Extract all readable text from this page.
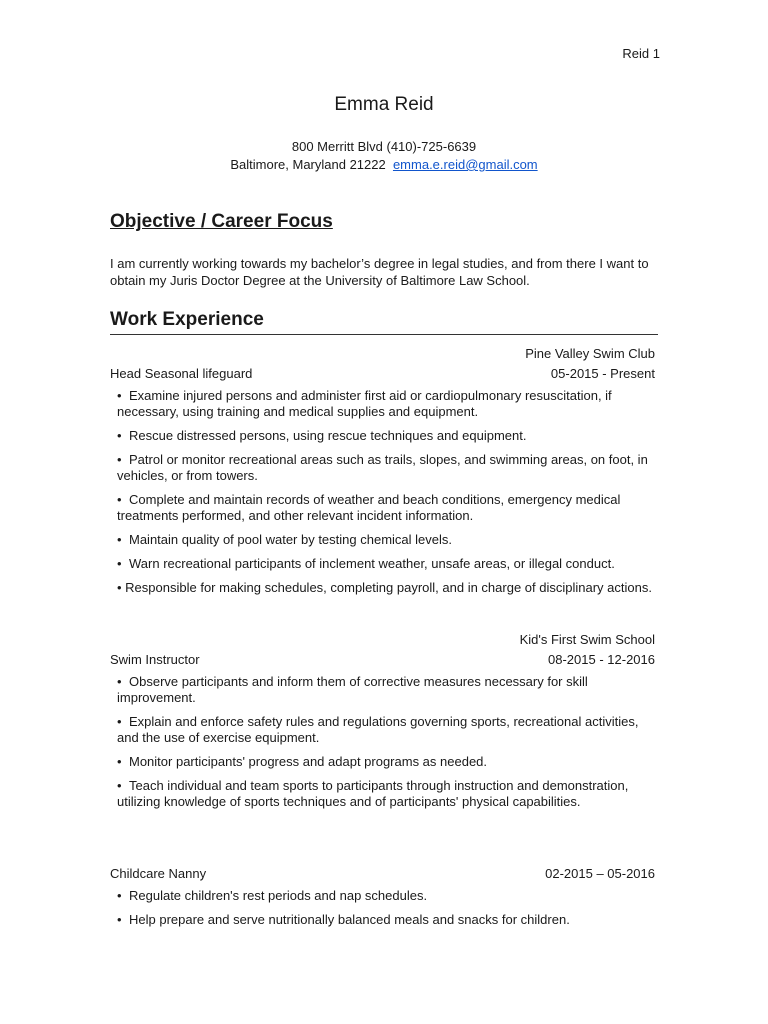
Reid 1
Emma Reid
800 Merritt Blvd (410)-725-6639
Baltimore, Maryland 21222 emma.e.reid@gmail.com
Objective / Career Focus

I am currently working towards my bachelor’s degree in legal studies, and from there I want to obtain my Juris Doctor Degree at the University of Baltimore Law School.

Work Experience
Pine Valley Swim Club
Head Seasonal lifeguard	05-2015 - Present
• Examine injured persons and administer first aid or cardiopulmonary resuscitation, if necessary, using training and medical supplies and equipment.
• Rescue distressed persons, using rescue techniques and equipment.
• Patrol or monitor recreational areas such as trails, slopes, and swimming areas, on foot, in vehicles, or from towers.
• Complete and maintain records of weather and beach conditions, emergency medical treatments performed, and other relevant incident information.
• Maintain quality of pool water by testing chemical levels.
• Warn recreational participants of inclement weather, unsafe areas, or illegal conduct.
• Responsible for making schedules, completing payroll, and in charge of disciplinary actions.
Kid's First Swim School
Swim Instructor	08-2015 - 12-2016
• Observe participants and inform them of corrective measures necessary for skill improvement.
• Explain and enforce safety rules and regulations governing sports, recreational activities, and the use of exercise equipment.
• Monitor participants' progress and adapt programs as needed.
• Teach individual and team sports to participants through instruction and demonstration, utilizing knowledge of sports techniques and of participants' physical capabilities.
Childcare Nanny	02-2015 – 05-2016
• Regulate children's rest periods and nap schedules.
• Help prepare and serve nutritionally balanced meals and snacks for children.
